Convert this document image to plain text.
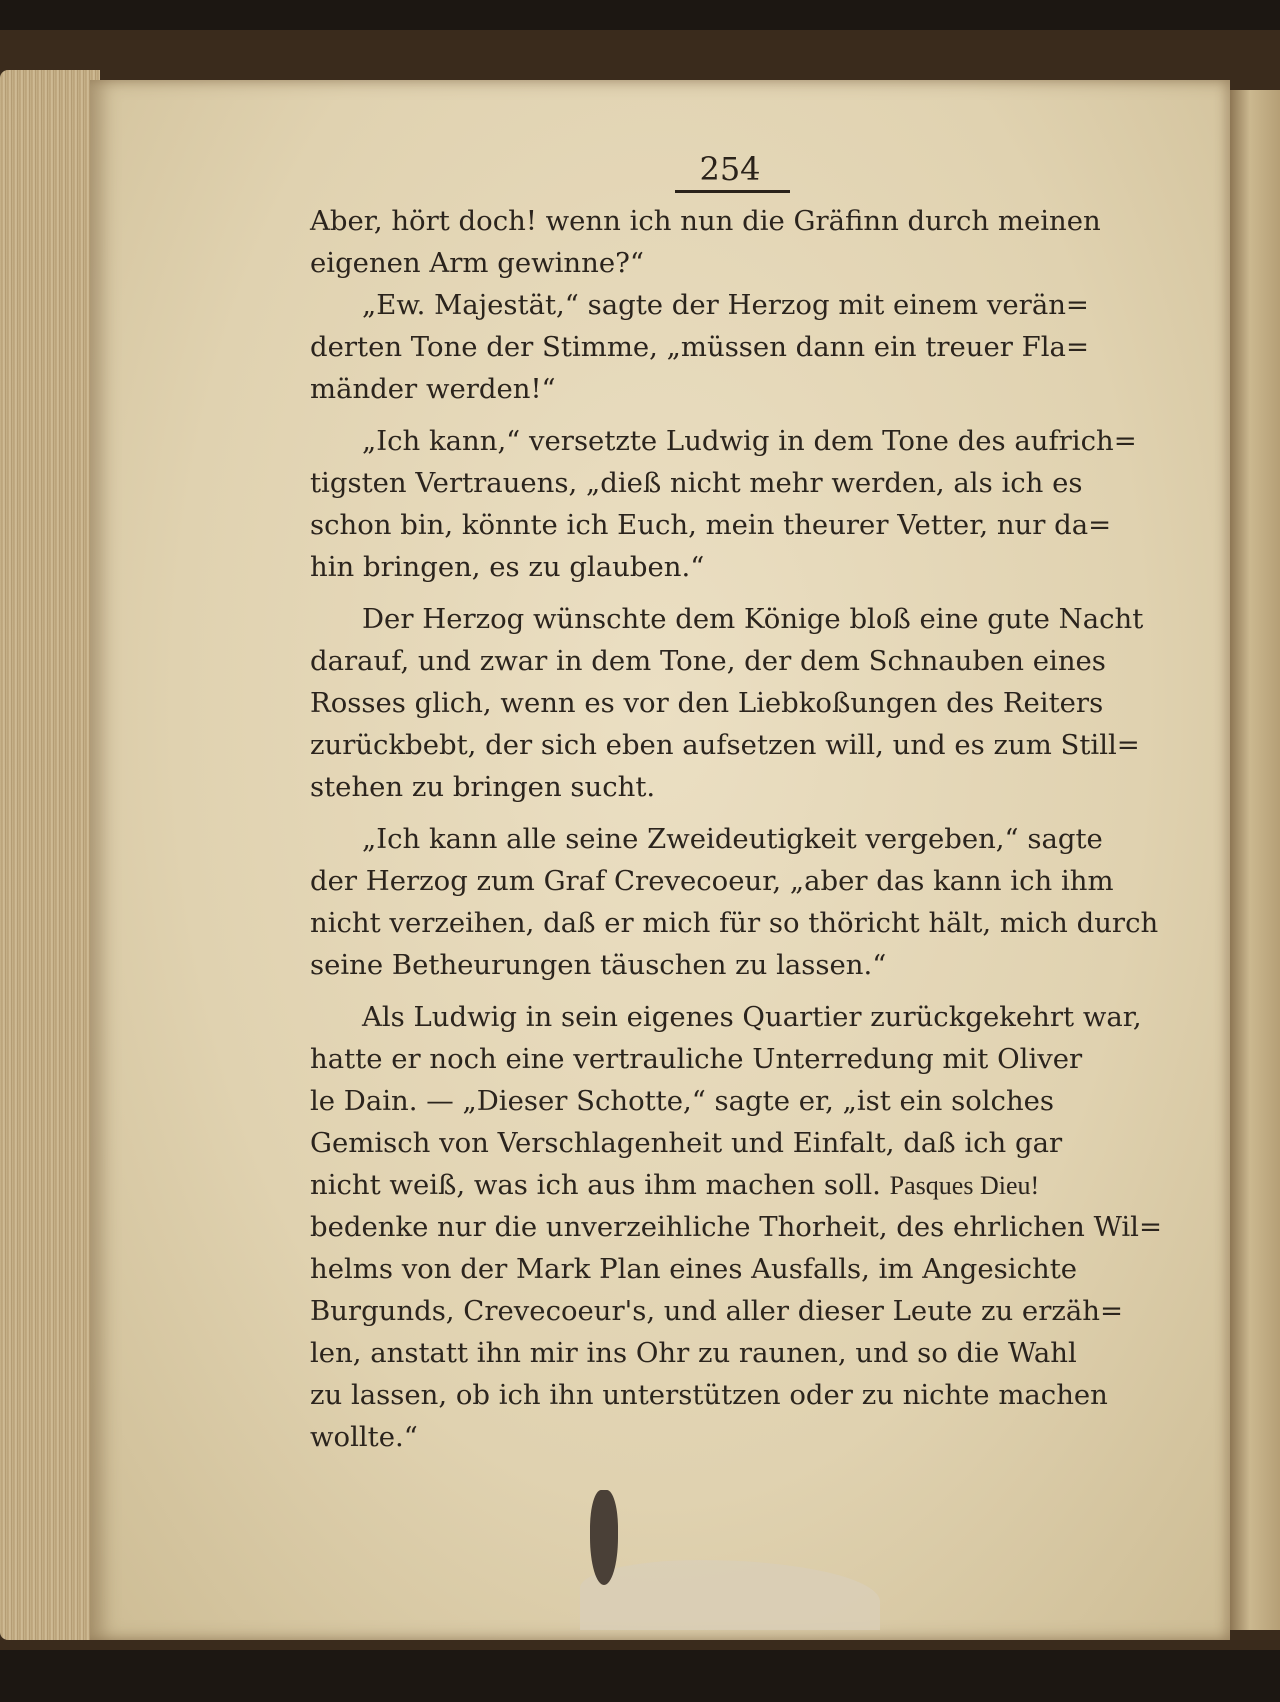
254
Aber, hört doch! wenn ich nun die Gräfinn durch meinen
eigenen Arm gewinne?“
„Ew. Majestät,“ sagte der Herzog mit einem verän=
derten Tone der Stimme, „müssen dann ein treuer Fla=
mänder werden!“
„Ich kann,“ versetzte Ludwig in dem Tone des aufrich=
tigsten Vertrauens, „dieß nicht mehr werden, als ich es
schon bin, könnte ich Euch, mein theurer Vetter, nur da=
hin bringen, es zu glauben.“
Der Herzog wünschte dem Könige bloß eine gute Nacht
darauf, und zwar in dem Tone, der dem Schnauben eines
Rosses glich, wenn es vor den Liebkoßungen des Reiters
zurückbebt, der sich eben aufsetzen will, und es zum Still=
stehen zu bringen sucht.
„Ich kann alle seine Zweideutigkeit vergeben,“ sagte
der Herzog zum Graf Crevecoeur, „aber das kann ich ihm
nicht verzeihen, daß er mich für so thöricht hält, mich durch
seine Betheurungen täuschen zu lassen.“
Als Ludwig in sein eigenes Quartier zurückgekehrt war,
hatte er noch eine vertrauliche Unterredung mit Oliver
le Dain. — „Dieser Schotte,“ sagte er, „ist ein solches
Gemisch von Verschlagenheit und Einfalt, daß ich gar
nicht weiß, was ich aus ihm machen soll. Pasques Dieu!
bedenke nur die unverzeihliche Thorheit, des ehrlichen Wil=
helms von der Mark Plan eines Ausfalls, im Angesichte
Burgunds, Crevecoeur's, und aller dieser Leute zu erzäh=
len, anstatt ihn mir ins Ohr zu raunen, und so die Wahl
zu lassen, ob ich ihn unterstützen oder zu nichte machen
wollte.“
